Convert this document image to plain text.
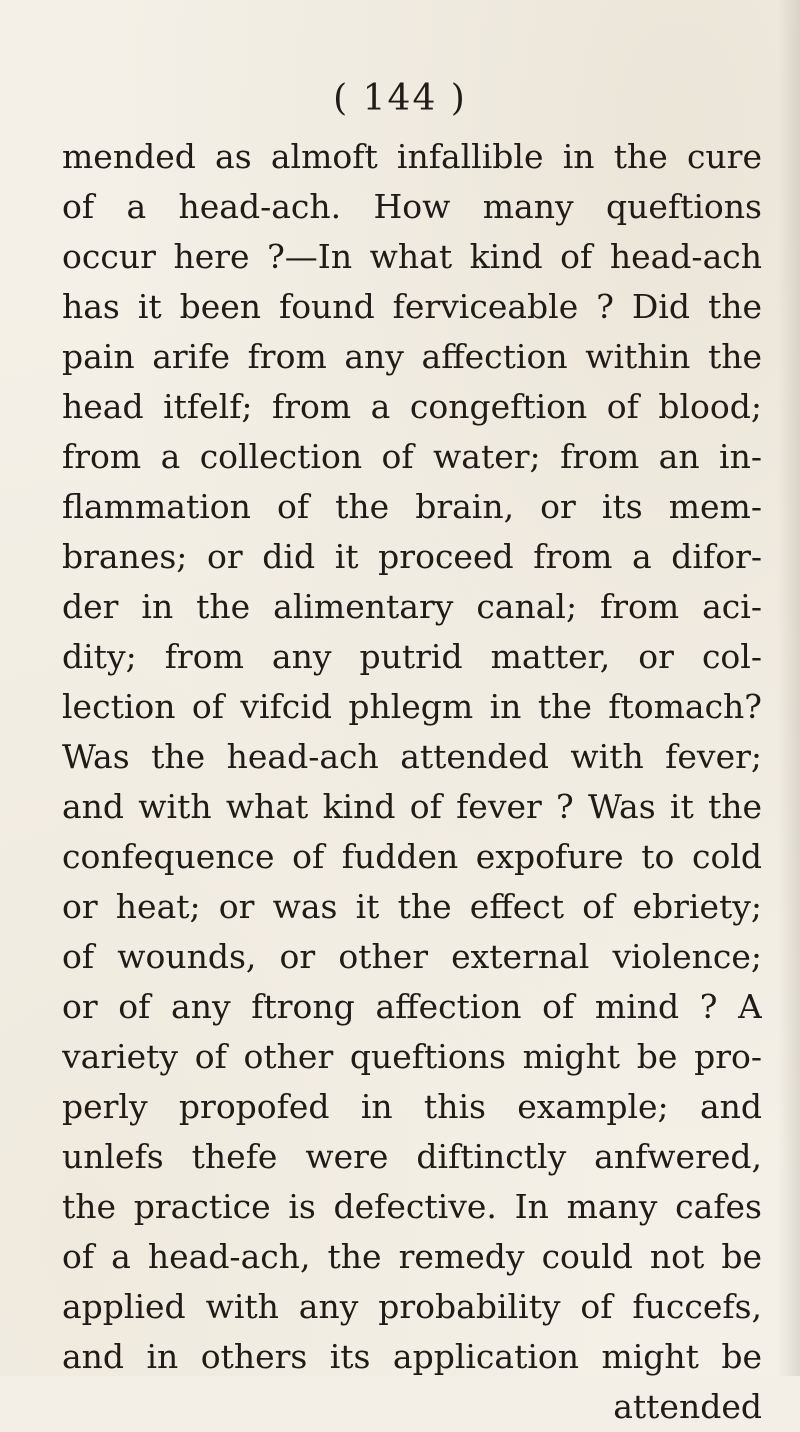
( 144 )
mended as almoft infallible in the cure
of a head-ach. How many queftions
occur here ?—In what kind of head-ach
has it been found ferviceable ? Did the
pain arife from any affection within the
head itfelf; from a congeftion of blood;
from a collection of water; from an in-
flammation of the brain, or its mem-
branes; or did it proceed from a difor-
der in the alimentary canal; from aci-
dity; from any putrid matter, or col-
lection of vifcid phlegm in the ftomach?
Was the head-ach attended with fever;
and with what kind of fever ? Was it the
confequence of fudden expofure to cold
or heat; or was it the effect of ebriety;
of wounds, or other external violence;
or of any ftrong affection of mind ? A
variety of other queftions might be pro-
perly propofed in this example; and
unlefs thefe were diftinctly anfwered,
the practice is defective. In many cafes
of a head-ach, the remedy could not be
applied with any probability of fuccefs,
and in others its application might be
attended
